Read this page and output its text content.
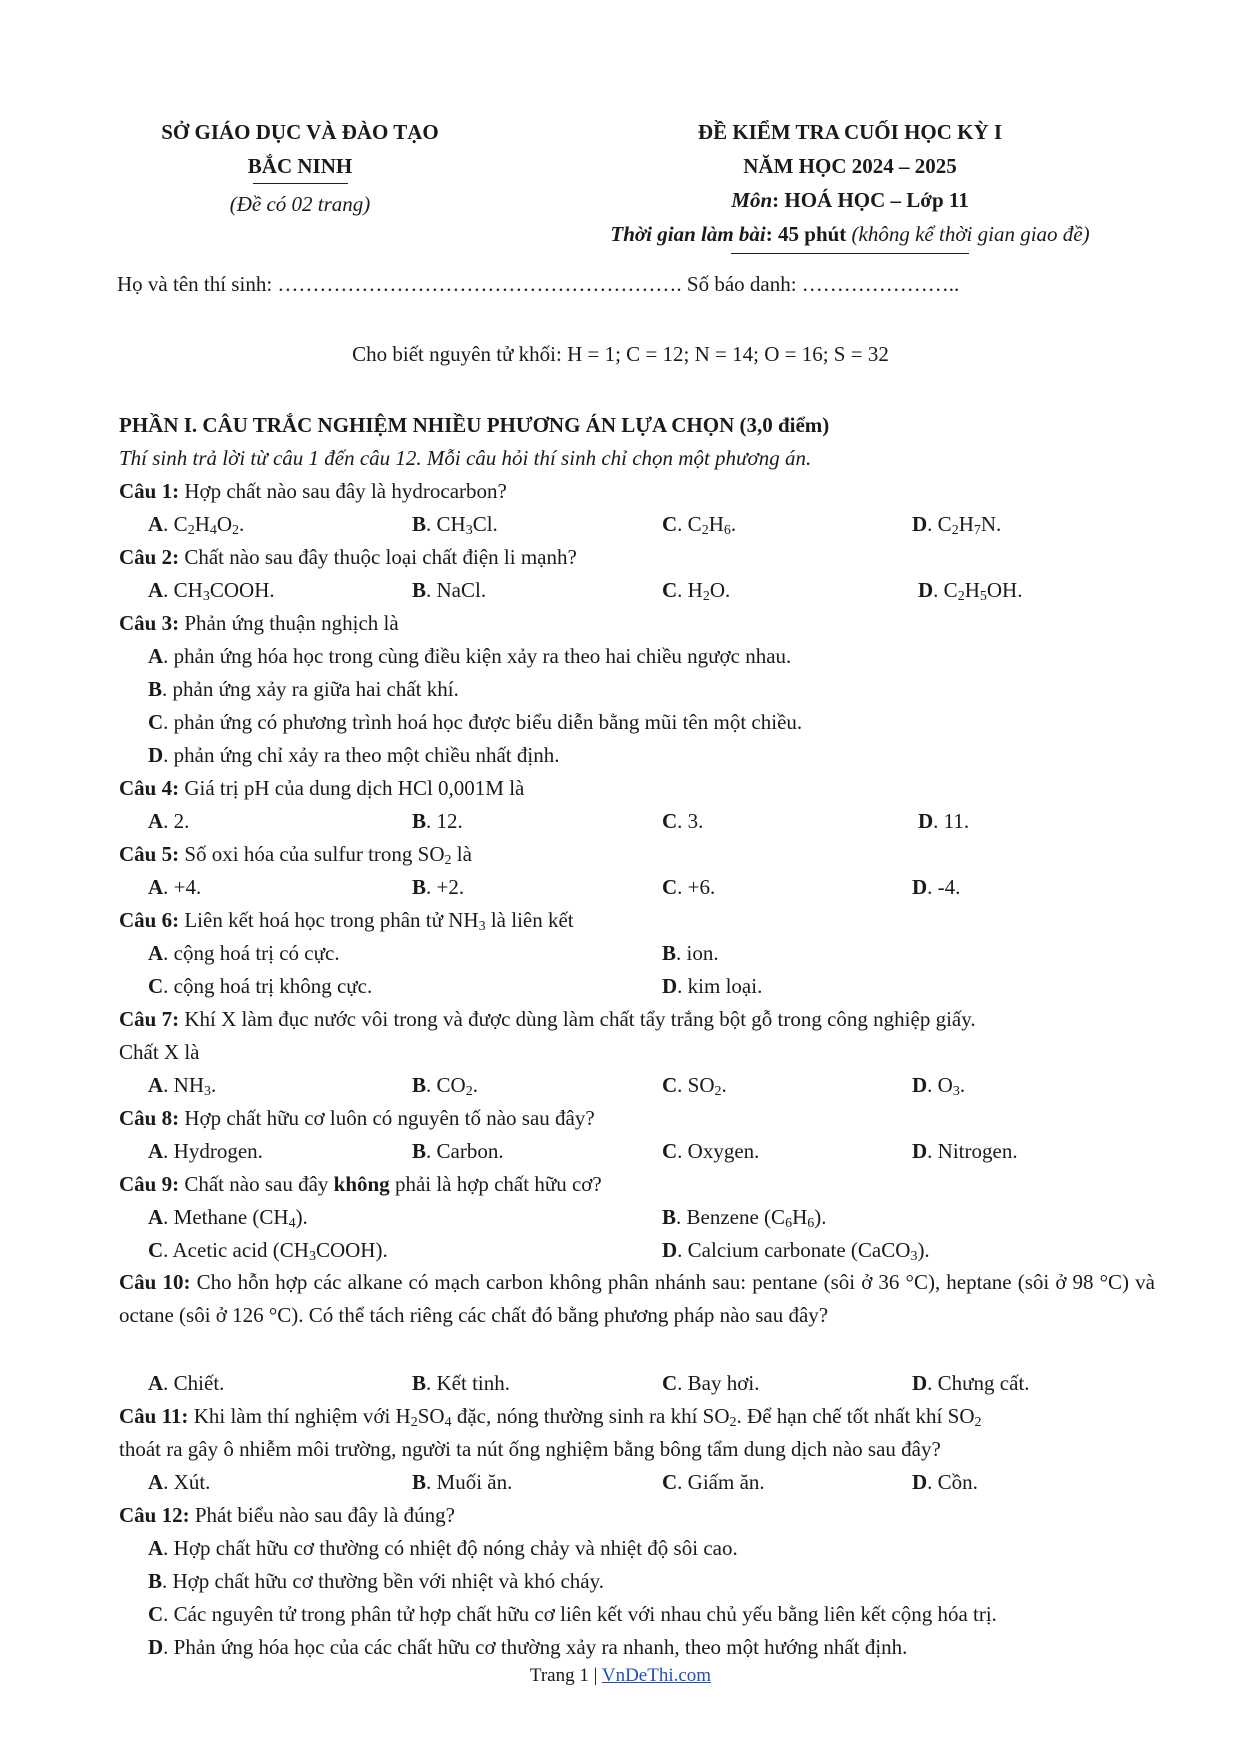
SỞ GIÁO DỤC VÀ ĐÀO TẠO
BẮC NINH
(Đề có 02 trang)
ĐỀ KIỂM TRA CUỐI HỌC KỲ I
NĂM HỌC 2024 – 2025
Môn: HOÁ HỌC – Lớp 11
Thời gian làm bài: 45 phút (không kể thời gian giao đề)
Họ và tên thí sinh: …………………………………………………. Số báo danh: …………………..
Cho biết nguyên tử khối: H = 1; C = 12; N = 14; O = 16; S = 32
PHẦN I. CÂU TRẮC NGHIỆM NHIỀU PHƯƠNG ÁN LỰA CHỌN (3,0 điểm)
Thí sinh trả lời từ câu 1 đến câu 12. Mỗi câu hỏi thí sinh chỉ chọn một phương án.
Câu 1: Hợp chất nào sau đây là hydrocarbon?
A. $C_2H_4O_2$.	B. $CH_3Cl$.	C. $C_2H_6$.	D. $C_2H_7N$.
Câu 2: Chất nào sau đây thuộc loại chất điện li mạnh?
A. $CH_3COOH$.	B. NaCl.	C. $H_2O$.	D. $C_2H_5OH$.
Câu 3: Phản ứng thuận nghịch là
A. phản ứng hóa học trong cùng điều kiện xảy ra theo hai chiều ngược nhau.
B. phản ứng xảy ra giữa hai chất khí.
C. phản ứng có phương trình hoá học được biểu diễn bằng mũi tên một chiều.
D. phản ứng chỉ xảy ra theo một chiều nhất định.
Câu 4: Giá trị pH của dung dịch HCl 0,001M là
A. 2.	B. 12.	C. 3.	D. 11.
Câu 5: Số oxi hóa của sulfur trong $SO_2$ là
A. +4.	B. +2.	C. +6.	D. -4.
Câu 6: Liên kết hoá học trong phân tử $NH_3$ là liên kết
A. cộng hoá trị có cực.	B. ion.
C. cộng hoá trị không cực.	D. kim loại.
Câu 7: Khí X làm đục nước vôi trong và được dùng làm chất tẩy trắng bột gỗ trong công nghiệp giấy.
Chất X là
A. $NH_3$.	B. $CO_2$.	C. $SO_2$.	D. $O_3$.
Câu 8: Hợp chất hữu cơ luôn có nguyên tố nào sau đây?
A. Hydrogen.	B. Carbon.	C. Oxygen.	D. Nitrogen.
Câu 9: Chất nào sau đây không phải là hợp chất hữu cơ?
A. Methane $(CH_4)$.	B. Benzene $(C_6H_6)$.
C. Acetic acid $(CH_3COOH)$.	D. Calcium carbonate (CaCO$_3$).
Câu 10: Cho hỗn hợp các alkane có mạch carbon không phân nhánh sau: pentane (sôi ở 36 °C), heptane (sôi ở 98 °C) và octane (sôi ở 126 °C). Có thể tách riêng các chất đó bằng phương pháp nào sau đây?
A. Chiết.	B. Kết tinh.	C. Bay hơi.	D. Chưng cất.
Câu 11: Khi làm thí nghiệm với $H_2SO_4$ đặc, nóng thường sinh ra khí $SO_2$. Để hạn chế tốt nhất khí $SO_2$
thoát ra gây ô nhiễm môi trường, người ta nút ống nghiệm bằng bông tẩm dung dịch nào sau đây?
A. Xút.	B. Muối ăn.	C. Giấm ăn.	D. Cồn.
Câu 12: Phát biểu nào sau đây là đúng?
A. Hợp chất hữu cơ thường có nhiệt độ nóng chảy và nhiệt độ sôi cao.
B. Hợp chất hữu cơ thường bền với nhiệt và khó cháy.
C. Các nguyên tử trong phân tử hợp chất hữu cơ liên kết với nhau chủ yếu bằng liên kết cộng hóa trị.
D. Phản ứng hóa học của các chất hữu cơ thường xảy ra nhanh, theo một hướng nhất định.
Trang 1 | VnDeThi.com
